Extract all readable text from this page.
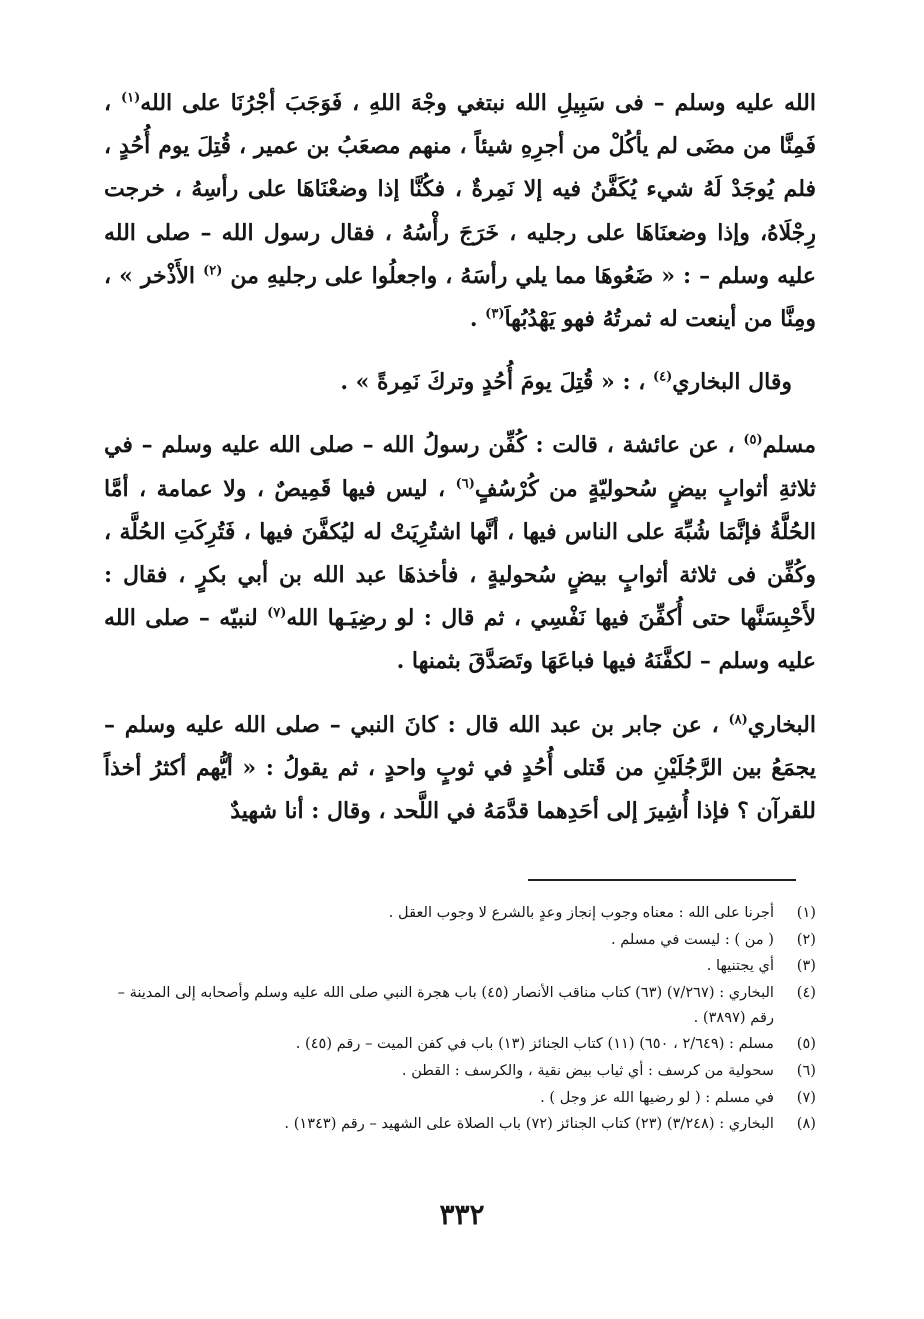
الله عليه وسلم – فى سَبِيلِ الله نبتغي وجْهَ اللهِ ، فَوَجَبَ أجْرُنَا على الله$^{(١)}$ ، فَمِنَّا من مضَى لم يأكُلْ من أجرِهِ شيئاً ، منهم مصعَبُ بن عمير ، قُتِلَ يوم أُحُدٍ ، فلم يُوجَدْ لَهُ شيء يُكَفَّنُ فيه إلا نَمِرةٌ ، فكُنَّا إذا وضعْنَاهَا على رأسِهُ ، خرجت رِجْلَاهُ، وإذا وضعنَاهَا على رجليه ، خَرَجَ رأْسُهُ ، فقال رسول الله – صلى الله عليه وسلم – : « ضَعُوهَا مما يلي رأسَهُ ، واجعلُوا على رجليهِ من $^{(٢)}$ الأَذْخر » ، ومِنَّا من أينعت له ثمرتُهُ فهو يَهْدُبُهاَ$^{(٣)}$ .

وقال البخاري$^{(٤)}$ ، : « قُتِلَ يومَ أُحُدٍ وتركَ نَمِرةً » .

مسلم$^{(٥)}$ ، عن عائشة ، قالت : كُفِّن رسولُ الله – صلى الله عليه وسلم – في ثلاثةِ أثوابٍ بيضٍ سُحوليّةٍ من كُرْسُفٍ$^{(٦)}$ ، ليس فيها قَمِيصٌ ، ولا عمامة ، أمَّا الحُلَّةُ فإنَّمَا شُبِّهَ على الناس فيها ، أنَّها اشتُرِيَتْ له ليُكفَّنَ فيها ، فَتُرِكَتِ الحُلَّة ، وكُفِّن فى ثلاثة أثوابٍ بيضٍ سُحوليةٍ ، فأخذهَا عبد الله بن أبي بكرٍ ، فقال : لأَحْبِسَنَّها حتى أُكفِّنَ فيها نَفْسِي ، ثم قال : لو رضِيَـها الله$^{(٧)}$ لنبيّه – صلى الله عليه وسلم – لكفَّنَهُ فيها فباعَهَا وتَصَدَّقَ بثمنها .

البخاري$^{(٨)}$ ، عن جابر بن عبد الله قال : كانَ النبي – صلى الله عليه وسلم – يجمَعُ بين الرَّجُلَيْنِ من قَتلى أُحُدٍ في ثوبٍ واحدٍ ، ثم يقولُ : « أيُّهم أكثرُ أخذاً للقرآن ؟ فإذا أُشِيرَ إلى أحَدِهما قدَّمَهُ في اللَّحد ، وقال : أنا شهيدٌ

(١)
أجرنا على الله : معناه وجوب إنجاز وعدٍ بالشرع لا وجوب العقل .
(٢)
( من ) : ليست في مسلم .
(٣)
أي يجتنيها .
(٤)
البخاري : (٧/٢٦٧) (٦٣) كتاب مناقب الأنصار (٤٥) باب هجرة النبي صلى الله عليه وسلم وأصحابه إلى المدينة – رقم (٣٨٩٧) .
(٥)
مسلم : (٢/٦٤٩ ، ٦٥٠) (١١) كتاب الجنائز (١٣) باب في كفن الميت – رقم (٤٥) .
(٦)
سحولية من كرسف : أي ثياب بيض نقية ، والكرسف : القطن .
(٧)
في مسلم : ( لو رضيها الله عز وجل ) .
(٨)
البخاري : (٣/٢٤٨) (٢٣) كتاب الجنائز (٧٢) باب الصلاة على الشهيد – رقم (١٣٤٣) .
٣٣٢
